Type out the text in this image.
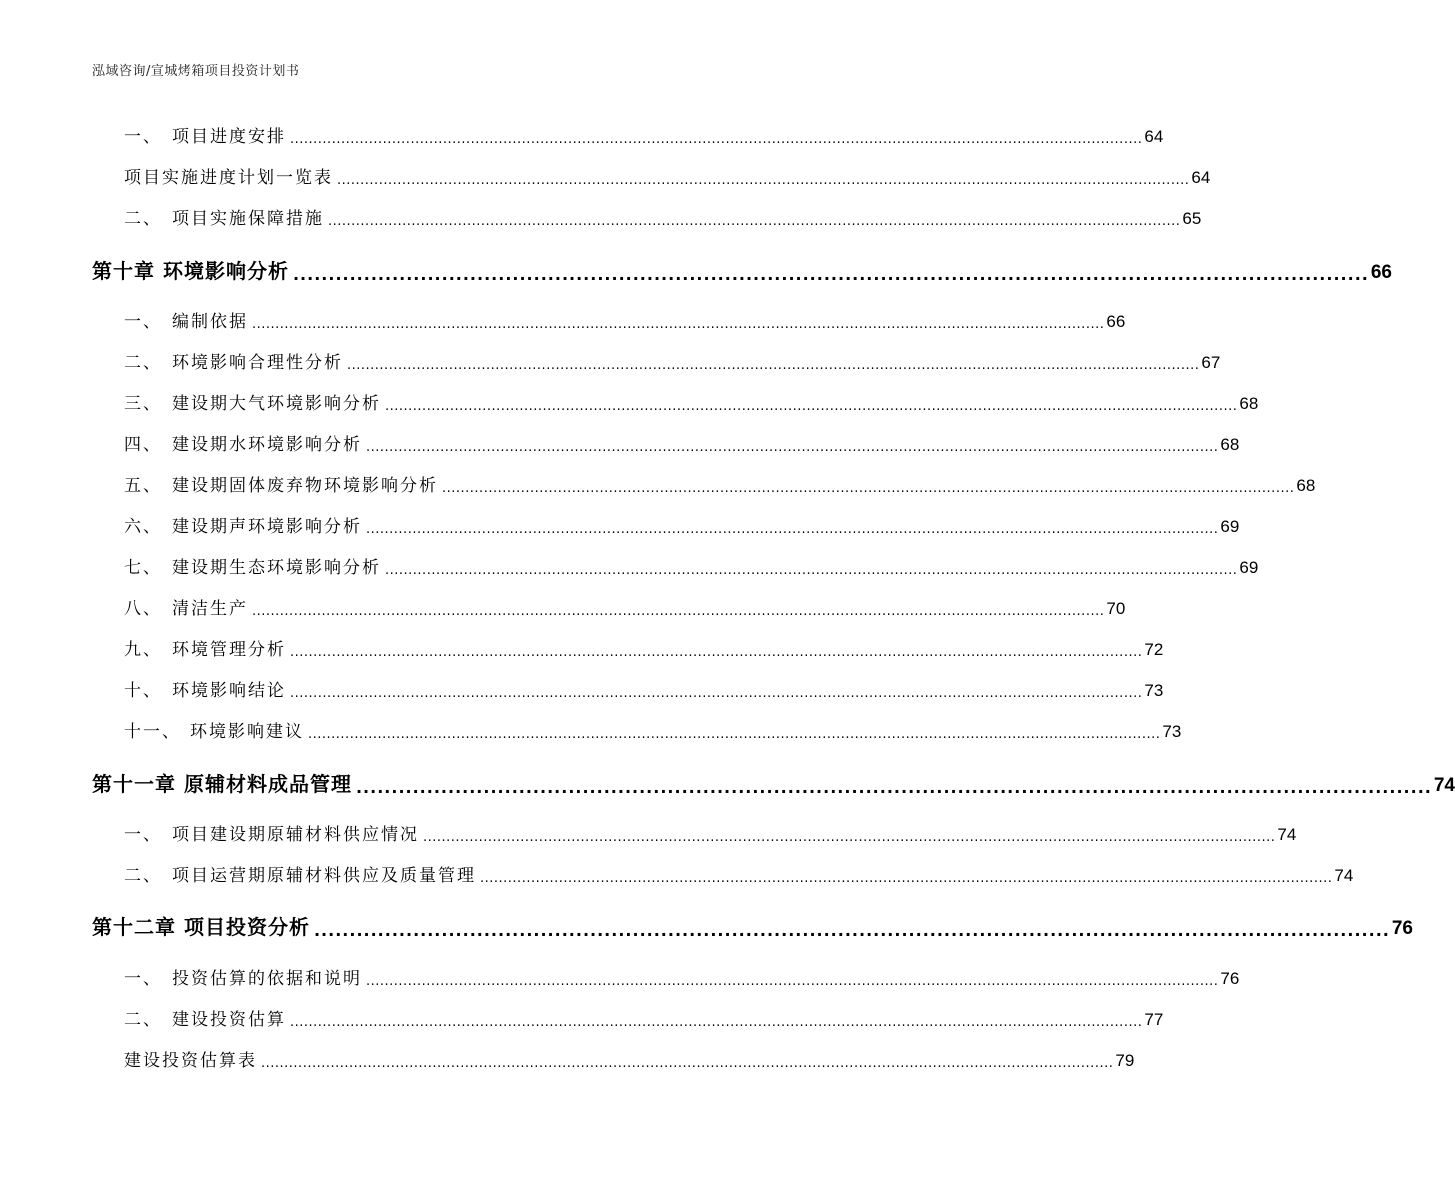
泓域咨询/宣城烤箱项目投资计划书
一、 项目进度安排 ........................................................................................................................................................................................ 64
项目实施进度计划一览表 ........................................................................................................................................................................................ 64
二、 项目实施保障措施 ........................................................................................................................................................................................ 65
第十章 环境影响分析 ........................................................................................................................................................ 66
一、 编制依据 ........................................................................................................................................................................................ 66
二、 环境影响合理性分析 ........................................................................................................................................................................................ 67
三、 建设期大气环境影响分析 ........................................................................................................................................................................................ 68
四、 建设期水环境影响分析 ........................................................................................................................................................................................ 68
五、 建设期固体废弃物环境影响分析 ........................................................................................................................................................................................ 68
六、 建设期声环境影响分析 ........................................................................................................................................................................................ 69
七、 建设期生态环境影响分析 ........................................................................................................................................................................................ 69
八、 清洁生产 ........................................................................................................................................................................................ 70
九、 环境管理分析 ........................................................................................................................................................................................ 72
十、 环境影响结论 ........................................................................................................................................................................................ 73
十一、 环境影响建议 ........................................................................................................................................................................................ 73
第十一章 原辅材料成品管理 ........................................................................................................................................................ 74
一、 项目建设期原辅材料供应情况 ........................................................................................................................................................................................ 74
二、 项目运营期原辅材料供应及质量管理 ........................................................................................................................................................................................ 74
第十二章 项目投资分析 ........................................................................................................................................................ 76
一、 投资估算的依据和说明 ........................................................................................................................................................................................ 76
二、 建设投资估算 ........................................................................................................................................................................................ 77
建设投资估算表 ........................................................................................................................................................................................ 79
